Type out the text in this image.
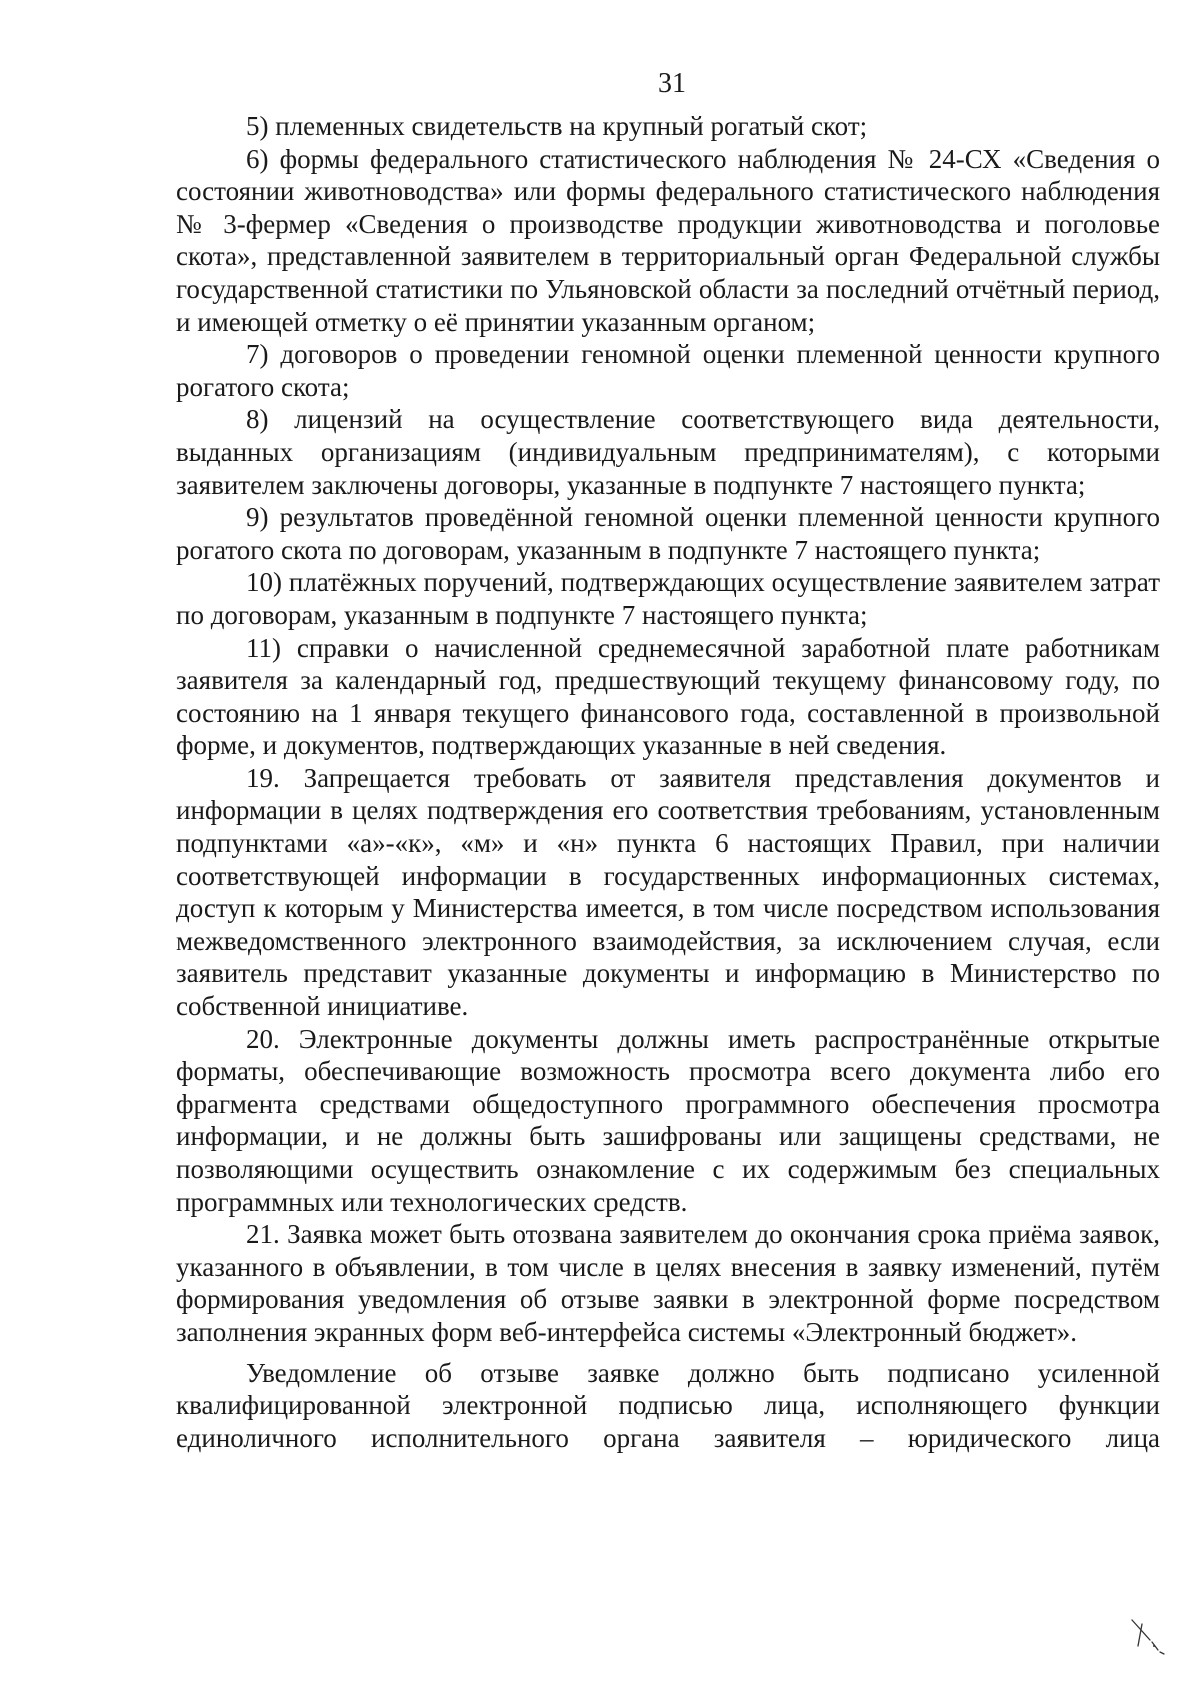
31

5) племенных свидетельств на крупный рогатый скот;

6) формы федерального статистического наблюдения № 24-СХ «Сведения о состоянии животноводства» или формы федерального статистического наблюдения № 3-фермер «Сведения о производстве продукции животноводства и поголовье скота», представленной заявителем в территориальный орган Федеральной службы государственной статистики по Ульяновской области за последний отчётный период, и имеющей отметку о её принятии указанным органом;

7) договоров о проведении геномной оценки племенной ценности крупного рогатого скота;

8) лицензий на осуществление соответствующего вида деятельности, выданных организациям (индивидуальным предпринимателям), с которыми заявителем заключены договоры, указанные в подпункте 7 настоящего пункта;

9) результатов проведённой геномной оценки племенной ценности крупного рогатого скота по договорам, указанным в подпункте 7 настоящего пункта;

10) платёжных поручений, подтверждающих осуществление заявителем затрат по договорам, указанным в подпункте 7 настоящего пункта;

11) справки о начисленной среднемесячной заработной плате работникам заявителя за календарный год, предшествующий текущему финансовому году, по состоянию на 1 января текущего финансового года, составленной в произвольной форме, и документов, подтверждающих указанные в ней сведения.

19. Запрещается требовать от заявителя представления документов и информации в целях подтверждения его соответствия требованиям, установленным подпунктами «а»-«к», «м» и «н» пункта 6 настоящих Правил, при наличии соответствующей информации в государственных информационных системах, доступ к которым у Министерства имеется, в том числе посредством использования межведомственного электронного взаимодействия, за исключением случая, если заявитель представит указанные документы и информацию в Министерство по собственной инициативе.

20. Электронные документы должны иметь распространённые открытые форматы, обеспечивающие возможность просмотра всего документа либо его фрагмента средствами общедоступного программного обеспечения просмотра информации, и не должны быть зашифрованы или защищены средствами, не позволяющими осуществить ознакомление с их содержимым без специальных программных или технологических средств.

21. Заявка может быть отозвана заявителем до окончания срока приёма заявок, указанного в объявлении, в том числе в целях внесения в заявку изменений, путём формирования уведомления об отзыве заявки в электронной форме посредством заполнения экранных форм веб-интерфейса системы «Электронный бюджет».

Уведомление об отзыве заявке должно быть подписано усиленной квалифицированной электронной подписью лица, исполняющего функции единоличного исполнительного органа заявителя – юридического лица
